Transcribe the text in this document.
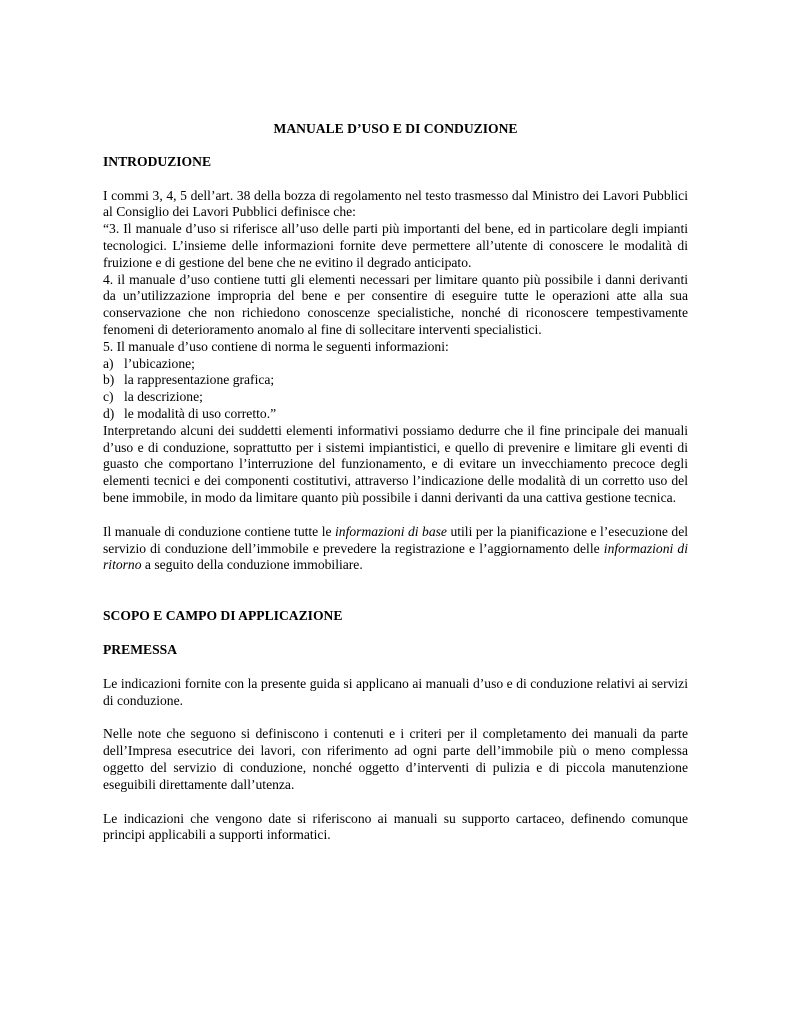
MANUALE D’USO E DI CONDUZIONE
INTRODUZIONE

I commi 3, 4, 5 dell’art. 38 della bozza di regolamento nel testo trasmesso dal Ministro dei Lavori Pubblici al Consiglio dei Lavori Pubblici definisce che:

“3. Il manuale d’uso si riferisce all’uso delle parti più importanti del bene, ed in particolare degli impianti tecnologici. L’insieme delle informazioni fornite deve permettere all’utente di conoscere le modalità di fruizione e di gestione del bene che ne evitino il degrado anticipato.

4. il manuale d’uso contiene tutti gli elementi necessari per limitare quanto più possibile i danni derivanti da un’utilizzazione impropria del bene e per consentire di eseguire tutte le operazioni atte alla sua conservazione che non richiedono conoscenze specialistiche, nonché di riconoscere tempestivamente fenomeni di deterioramento anomalo al fine di sollecitare interventi specialistici.

5. Il manuale d’uso contiene di norma le seguenti informazioni:

a) l’ubicazione;
b) la rappresentazione grafica;
c) la descrizione;
d) le modalità di uso corretto.”

Interpretando alcuni dei suddetti elementi informativi possiamo dedurre che il fine principale dei manuali d’uso e di conduzione, soprattutto per i sistemi impiantistici, e quello di prevenire e limitare gli eventi di guasto che comportano l’interruzione del funzionamento, e di evitare un invecchiamento precoce degli elementi tecnici e dei componenti costitutivi, attraverso l’indicazione delle modalità di un corretto uso del bene immobile, in modo da limitare quanto più possibile i danni derivanti da una cattiva gestione tecnica.

Il manuale di conduzione contiene tutte le informazioni di base utili per la pianificazione e l’esecuzione del servizio di conduzione dell’immobile e prevedere la registrazione e l’aggiornamento delle informazioni di ritorno a seguito della conduzione immobiliare.

SCOPO E CAMPO DI APPLICAZIONE
PREMESSA

Le indicazioni fornite con la presente guida si applicano ai manuali d’uso e di conduzione relativi ai servizi di conduzione.

Nelle note che seguono si definiscono i contenuti e i criteri per il completamento dei manuali da parte dell’Impresa esecutrice dei lavori, con riferimento ad ogni parte dell’immobile più o meno complessa oggetto del servizio di conduzione, nonché oggetto d’interventi di pulizia e di piccola manutenzione eseguibili direttamente dall’utenza.

Le indicazioni che vengono date si riferiscono ai manuali su supporto cartaceo, definendo comunque principi applicabili a supporti informatici.
